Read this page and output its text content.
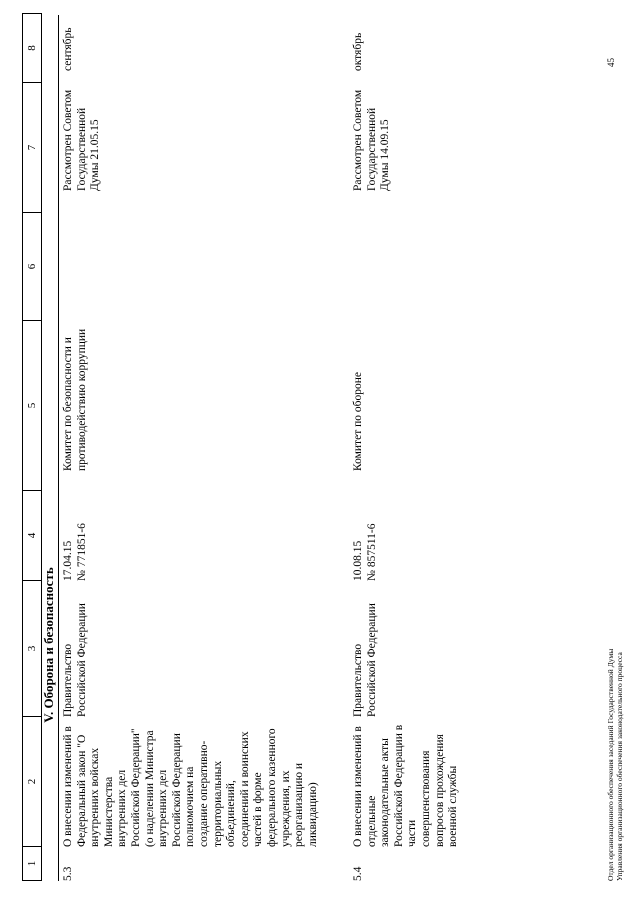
1
2
3
4
5
6
7
8
V. Оборона и безопасность
5.3
О внесении изменений в Федеральный закон "О внутренних войсках Министерства внутренних дел Российской Федерации" (о наделении Министра внутренних дел Российской Федерации полномочием на создание оперативно-территориальных объединений, соединений и воинских частей в форме федерального казенного учреждения, их реорганизацию и ликвидацию)
Правительство Российской Федерации
17.04.15
№ 771851-6
Комитет по безопасности и противодействию коррупции
Рассмотрен Советом Государственной Думы 21.05.15
сентябрь
5.4
О внесении изменений в отдельные законодательные акты Российской Федерации в части совершенствования вопросов прохождения военной службы
Правительство Российской Федерации
10.08.15
№ 857511-6
Комитет по обороне
Рассмотрен Советом Государственной Думы 14.09.15
октябрь
Отдел организационного обеспечения заседаний Государственной Думы Управления организационного обеспечения законодательного процесса
45
